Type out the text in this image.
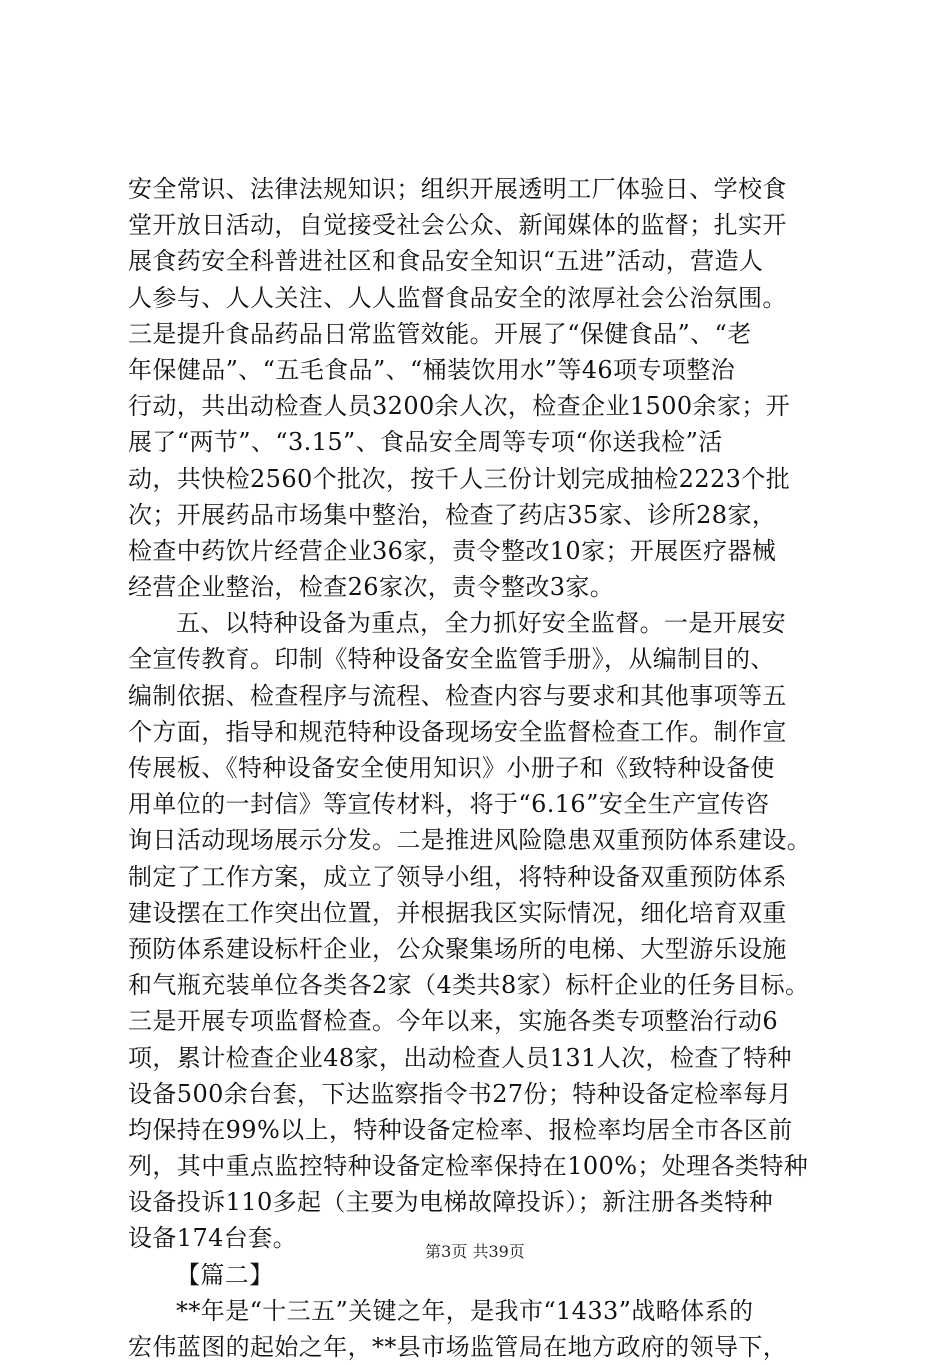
安全常识、法律法规知识；组织开展透明工厂体验日、学校食
堂开放日活动，自觉接受社会公众、新闻媒体的监督；扎实开
展食药安全科普进社区和食品安全知识“五进”活动，营造人
人参与、人人关注、人人监督食品安全的浓厚社会公治氛围。
三是提升食品药品日常监管效能。开展了“保健食品”、“老
年保健品”、“五毛食品”、“桶装饮用水”等46项专项整治
行动，共出动检查人员3200余人次，检查企业1500余家；开
展了“两节”、“3.15”、食品安全周等专项“你送我检”活
动，共快检2560个批次，按千人三份计划完成抽检2223个批
次；开展药品市场集中整治，检查了药店35家、诊所28家，
检查中药饮片经营企业36家，责令整改10家；开展医疗器械
经营企业整治，检查26家次，责令整改3家。
五、以特种设备为重点，全力抓好安全监督。一是开展安
全宣传教育。印制《特种设备安全监管手册》，从编制目的、
编制依据、检查程序与流程、检查内容与要求和其他事项等五
个方面，指导和规范特种设备现场安全监督检查工作。制作宣
传展板、《特种设备安全使用知识》小册子和《致特种设备使
用单位的一封信》等宣传材料，将于“6.16”安全生产宣传咨
询日活动现场展示分发。二是推进风险隐患双重预防体系建设。
制定了工作方案，成立了领导小组，将特种设备双重预防体系
建设摆在工作突出位置，并根据我区实际情况，细化培育双重
预防体系建设标杆企业，公众聚集场所的电梯、大型游乐设施
和气瓶充装单位各类各2家（4类共8家）标杆企业的任务目标。
三是开展专项监督检查。今年以来，实施各类专项整治行动6
项，累计检查企业48家，出动检查人员131人次，检查了特种
设备500余台套，下达监察指令书27份；特种设备定检率每月
均保持在99%以上，特种设备定检率、报检率均居全市各区前
列，其中重点监控特种设备定检率保持在100%；处理各类特种
设备投诉110多起（主要为电梯故障投诉）；新注册各类特种
设备174台套。
【篇二】
**年是“十三五”关键之年，是我市“1433”战略体系的
宏伟蓝图的起始之年，**县市场监管局在地方政府的领导下，
第3页 共39页
